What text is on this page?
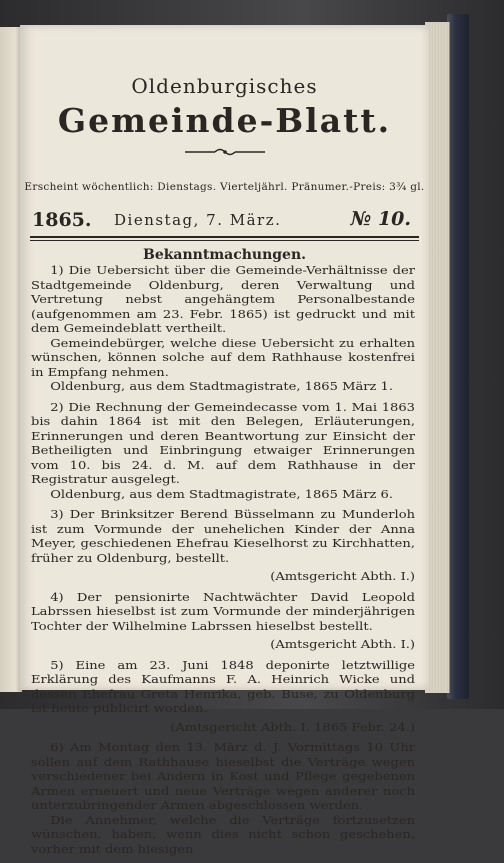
Oldenburgisches
Gemeinde-Blatt.
Erscheint wöchentlich: Dienstags. Vierteljährl. Pränumer.-Preis: 3¾ gl.
1865. Dienstag, 7. März.	№ 10.
Bekanntmachungen.

1) Die Uebersicht über die Gemeinde-Verhältnisse der Stadtgemeinde Oldenburg, deren Verwaltung und Vertretung nebst angehängtem Personalbestande (aufgenommen am 23. Febr. 1865) ist gedruckt und mit dem Gemeindeblatt vertheilt.

Gemeindebürger, welche diese Uebersicht zu erhalten wünschen, können solche auf dem Rathhause kostenfrei in Empfang nehmen.

Oldenburg, aus dem Stadtmagistrate, 1865 März 1.

2) Die Rechnung der Gemeindecasse vom 1. Mai 1863 bis dahin 1864 ist mit den Belegen, Erläuterungen, Erinnerungen und deren Beantwortung zur Einsicht der Betheiligten und Einbringung etwaiger Erinnerungen vom 10. bis 24. d. M. auf dem Rathhause in der Registratur ausgelegt.

Oldenburg, aus dem Stadtmagistrate, 1865 März 6.

3) Der Brinksitzer Berend Büsselmann zu Munderloh ist zum Vormunde der unehelichen Kinder der Anna Meyer, geschiedenen Ehefrau Kieselhorst zu Kirchhatten, früher zu Oldenburg, bestellt.

(Amtsgericht Abth. I.)

4) Der pensionirte Nachtwächter David Leopold Labrssen hieselbst ist zum Vormunde der minderjährigen Tochter der Wilhelmine Labrssen hieselbst bestellt.

(Amtsgericht Abth. I.)

5) Eine am 23. Juni 1848 deponirte letztwillige Erklärung des Kaufmanns F. A. Heinrich Wicke und dessen Ehefrau Greta Henrika, geb. Buse, zu Oldenburg ist heute publicirt worden.

(Amtsgericht Abth. I. 1865 Febr. 24.)

6) Am Montag den 13. März d. J. Vormittags 10 Uhr sollen auf dem Rathhause hieselbst die Verträge wegen verschiedener bei Andern in Kost und Pflege gegebenen Armen erneuert und neue Verträge wegen anderer noch unterzubringender Armen abgeschlossen werden.

Die Annehmer, welche die Verträge fortzusetzen wünschen, haben, wenn dies nicht schon geschehen, vorher mit dem hiesigen
